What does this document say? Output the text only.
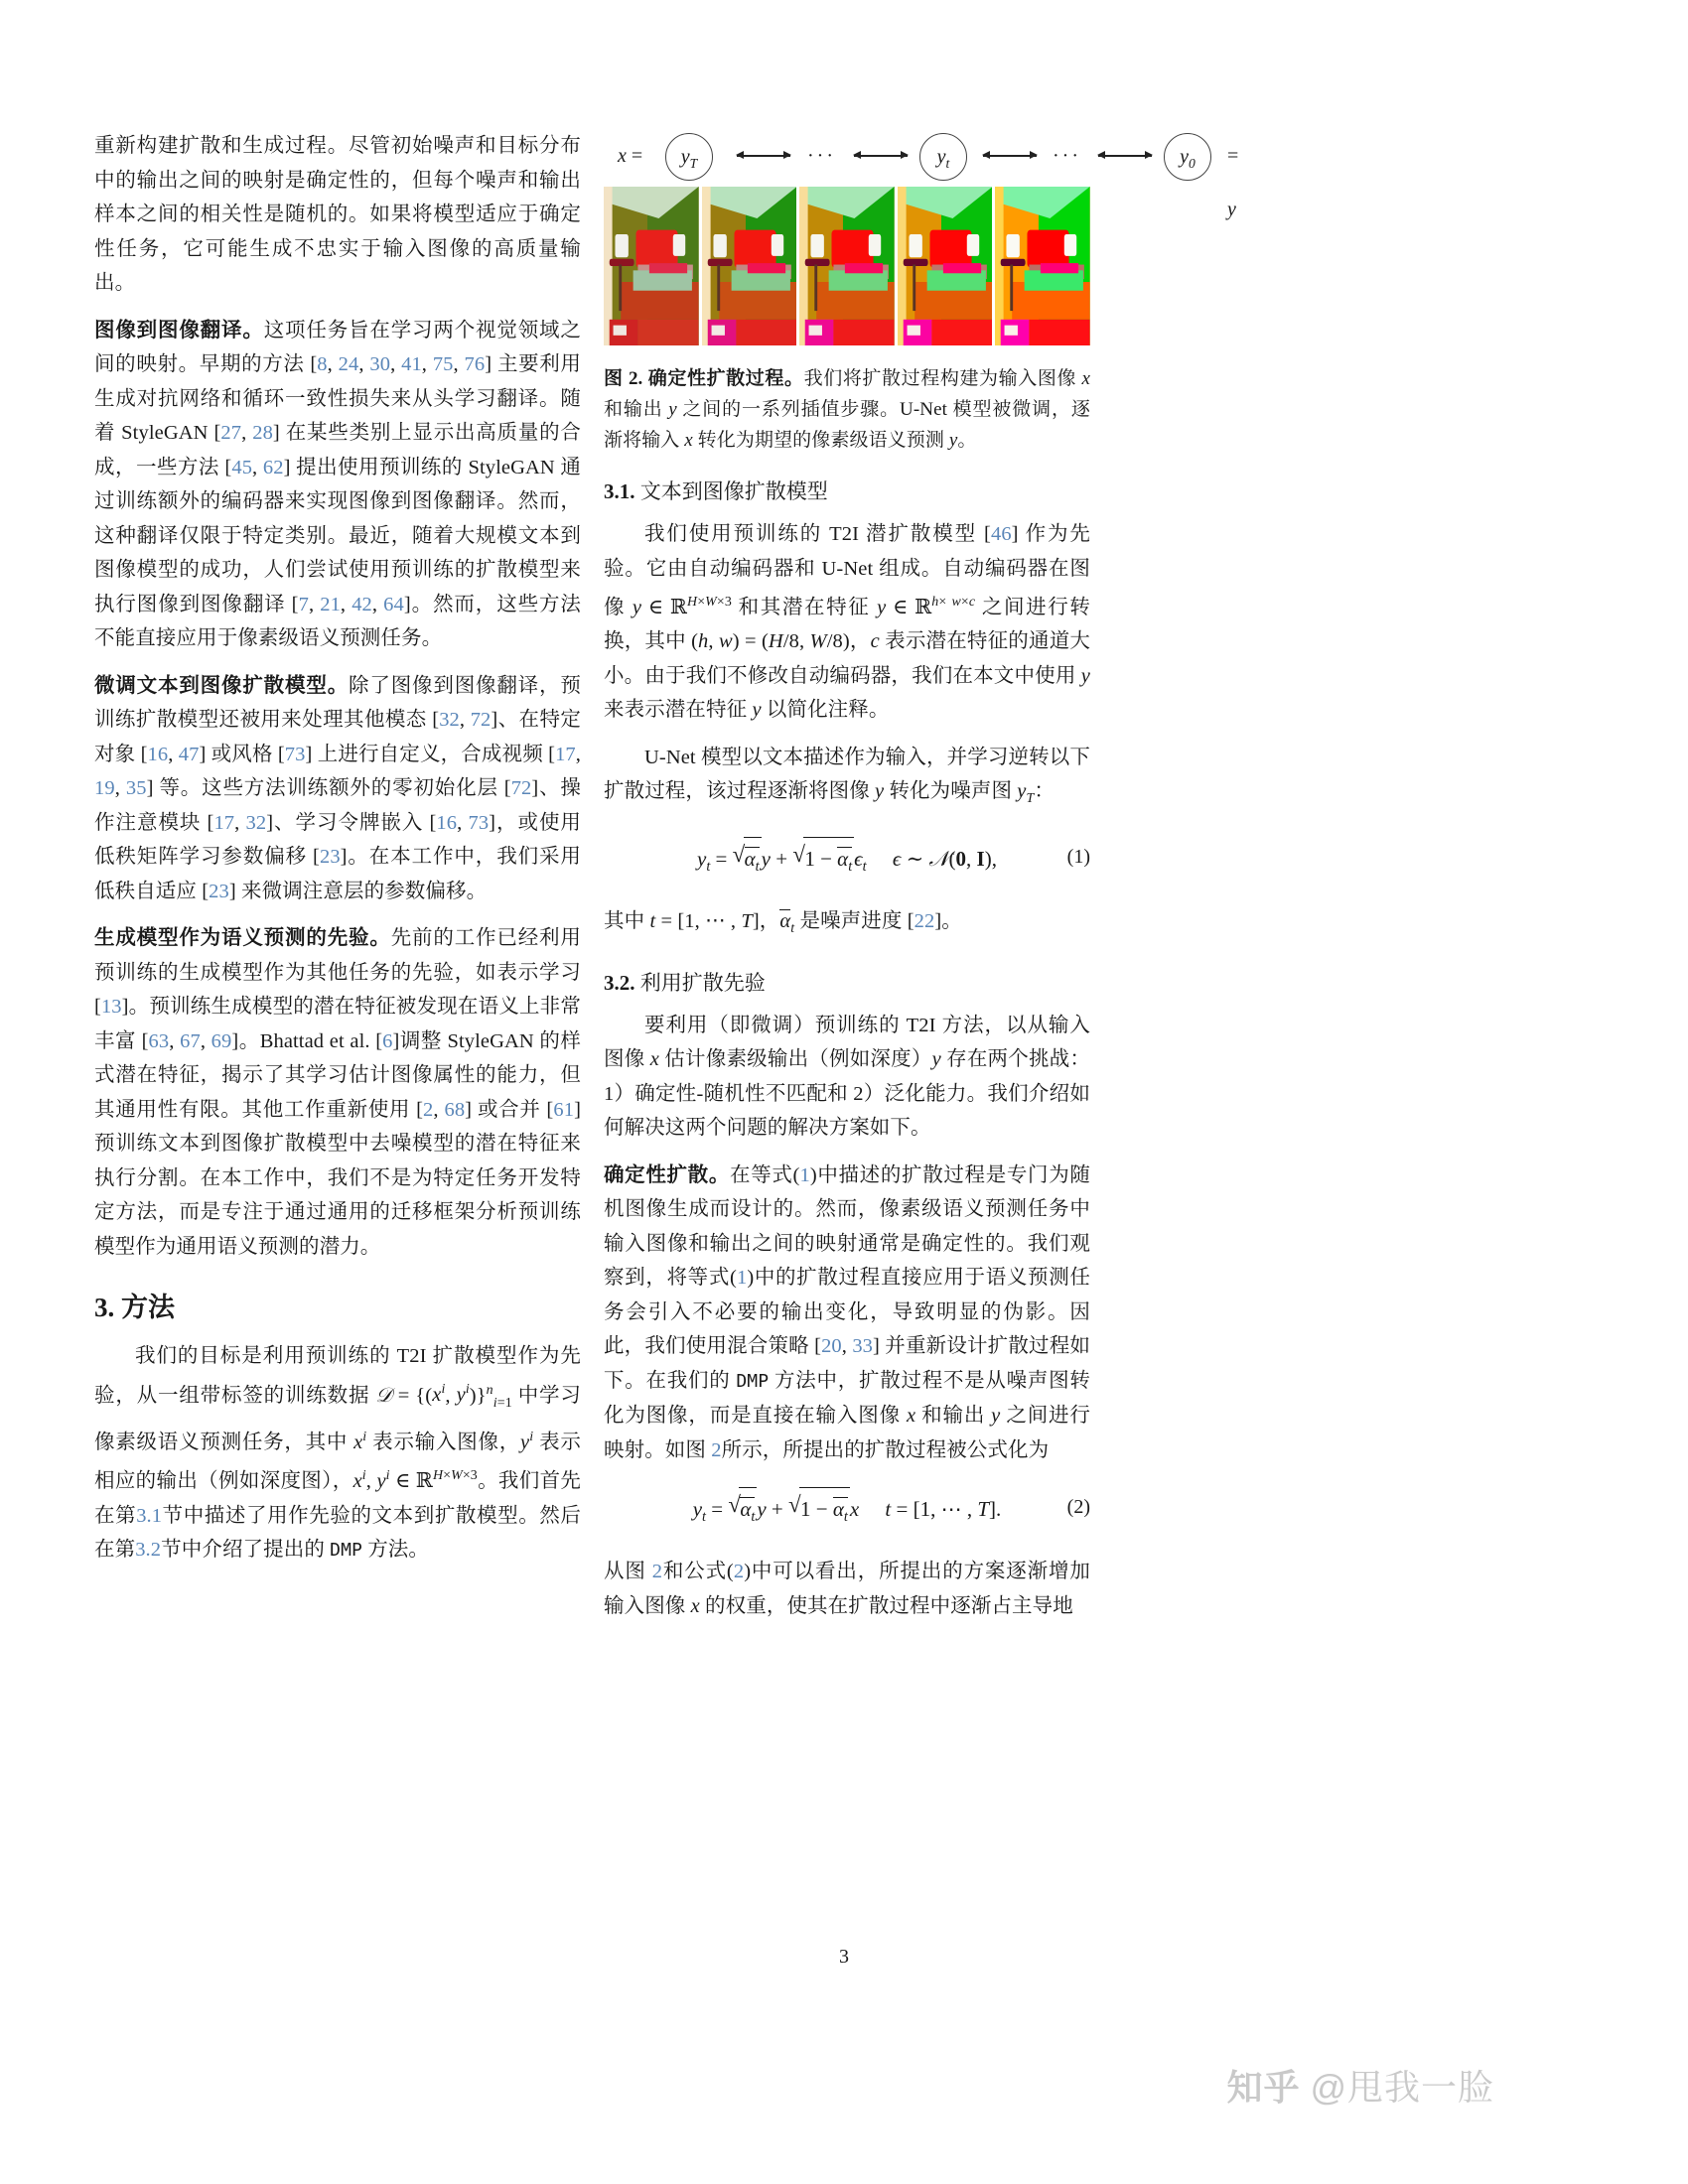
重新构建扩散和生成过程。尽管初始噪声和目标分布中的输出之间的映射是确定性的，但每个噪声和输出样本之间的相关性是随机的。如果将模型适应于确定性任务，它可能生成不忠实于输入图像的高质量输出。

图像到图像翻译。这项任务旨在学习两个视觉领域之间的映射。早期的方法 [8, 24, 30, 41, 75, 76] 主要利用生成对抗网络和循环一致性损失来从头学习翻译。随着 StyleGAN [27, 28] 在某些类别上显示出高质量的合成，一些方法 [45, 62] 提出使用预训练的 StyleGAN 通过训练额外的编码器来实现图像到图像翻译。然而，这种翻译仅限于特定类别。最近，随着大规模文本到图像模型的成功，人们尝试使用预训练的扩散模型来执行图像到图像翻译 [7, 21, 42, 64]。然而，这些方法不能直接应用于像素级语义预测任务。

微调文本到图像扩散模型。除了图像到图像翻译，预训练扩散模型还被用来处理其他模态 [32, 72]、在特定对象 [16, 47] 或风格 [73] 上进行自定义，合成视频 [17, 19, 35] 等。这些方法训练额外的零初始化层 [72]、操作注意模块 [17, 32]、学习令牌嵌入 [16, 73]，或使用低秩矩阵学习参数偏移 [23]。在本工作中，我们采用低秩自适应 [23] 来微调注意层的参数偏移。

生成模型作为语义预测的先验。先前的工作已经利用预训练的生成模型作为其他任务的先验，如表示学习 [13]。预训练生成模型的潜在特征被发现在语义上非常丰富 [63, 67, 69]。Bhattad et al. [6]调整 StyleGAN 的样式潜在特征，揭示了其学习估计图像属性的能力，但其通用性有限。其他工作重新使用 [2, 68] 或合并 [61] 预训练文本到图像扩散模型中去噪模型的潜在特征来执行分割。在本工作中，我们不是为特定任务开发特定方法，而是专注于通过通用的迁移框架分析预训练模型作为通用语义预测的潜力。

3. 方法

我们的目标是利用预训练的 T2I 扩散模型作为先验，从一组带标签的训练数据 𝒟 = {($x^i$, $y^i)\}^n_{i=1}$ 中学习像素级语义预测任务，其中 $x^i$ 表示输入图像，$y^i$ 表示相应的输出（例如深度图），$x^i$, $y^i$ ∈ ℝ$^{H\times W\times 3}$。我们首先在第3.1节中描述了用作先验的文本到扩散模型。然后在第3.2节中介绍了提出的 DMP 方法。

x =	$y_T$	···	$y_t$	···	$y_0$	= y

图 2. 确定性扩散过程。我们将扩散过程构建为输入图像 x 和输出 y 之间的一系列插值步骤。U-Net 模型被微调，逐渐将输入 x 转化为期望的像素级语义预测 y。

3.1. 文本到图像扩散模型

我们使用预训练的 T2I 潜扩散模型 [46] 作为先验。它由自动编码器和 U-Net 组成。自动编码器在图像 y ∈ ℝ$^{H\times W\times 3}$ 和其潜在特征 y ∈ ℝ$^{h\times w\times c}$ 之间进行转换，其中 (h, w) = (H/8, W/8)，c 表示潜在特征的通道大小。由于我们不修改自动编码器，我们在本文中使用 y 来表示潜在特征 y 以简化注释。

U-Net 模型以文本描述作为输入，并学习逆转以下扩散过程，该过程逐渐将图像 y 转化为噪声图 $y_T$：

$y_t$ = √ $\alpha_ty$ + √ $1 - \alpha_t\epsilon_t$ ϵ ∼ 𝒩(0, I),	(1)

其中 t = [1, ⋯ , T]，$\alpha_t$ 是噪声进度 [22]。

3.2. 利用扩散先验

要利用（即微调）预训练的 T2I 方法，以从输入图像 x 估计像素级输出（例如深度）y 存在两个挑战：1）确定性-随机性不匹配和 2）泛化能力。我们介绍如何解决这两个问题的解决方案如下。

确定性扩散。在等式(1)中描述的扩散过程是专门为随机图像生成而设计的。然而，像素级语义预测任务中输入图像和输出之间的映射通常是确定性的。我们观察到，将等式(1)中的扩散过程直接应用于语义预测任务会引入不必要的输出变化，导致明显的伪影。因此，我们使用混合策略 [20, 33] 并重新设计扩散过程如下。在我们的 DMP 方法中，扩散过程不是从噪声图转化为图像，而是直接在输入图像 x 和输出 y 之间进行映射。如图 2所示，所提出的扩散过程被公式化为

$y_t$ = √ $\alpha_ty$ + √ $1 - \alpha_tx$ t = [1, ⋯ , T].	(2)

从图 2和公式(2)中可以看出，所提出的方案逐渐增加输入图像 x 的权重，使其在扩散过程中逐渐占主导地

3
知乎 @甩我一脸
